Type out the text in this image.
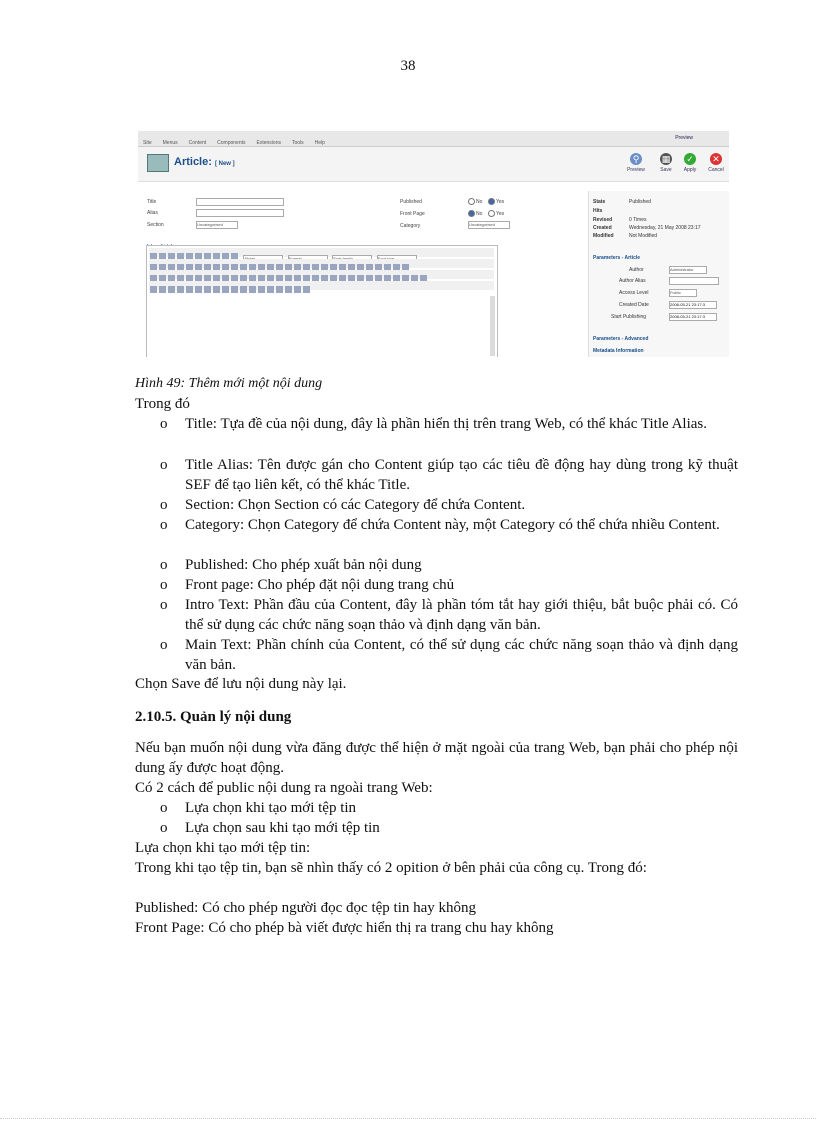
38
Site Menus Content Components Extensions Tools Help
Preview
Article: [ New ]	⚲
Preview
▦
Save
✓
Apply
✕
Cancel
Title
Alias
Section	Uncategorised
Published	No	Yes
Front Page	No	Yes
Category	Uncategorised

State	Published
Hits
Revised	0 Times
Created	Wednesday, 21 May 2008 23:17
Modified	Not Modified
Parameters - Article
Author	Administrator
Author Alias
Access Level	Public
Created Date	2008-05-21 23:17:3
Start Publishing	2008-05-21 23:17:3
Parameters - Advanced
Metadata Information
Hình 49: Thêm mới một nội dung
Trong đó
o Title: Tựa đề của nội dung, đây là phần hiển thị trên trang Web, có thể khác Title Alias.
o Title Alias: Tên được gán cho Content giúp tạo các tiêu đề động hay dùng trong kỹ thuật SEF để tạo liên kết, có thể khác Title.
o Section: Chọn Section có các Category để chứa Content.
o Category: Chọn Category để chứa Content này, một Category có thể chứa nhiều Content.
o Published: Cho phép xuất bản nội dung
o Front page: Cho phép đặt nội dung trang chủ
o Intro Text: Phần đầu của Content, đây là phần tóm tắt hay giới thiệu, bắt buộc phải có. Có thể sử dụng các chức năng soạn thảo và định dạng văn bản.
o Main Text: Phần chính của Content, có thể sử dụng các chức năng soạn thảo và định dạng văn bản.
Chọn Save để lưu nội dung này lại.
2.10.5. Quản lý nội dung
Nếu bạn muốn nội dung vừa đăng được thể hiện ở mặt ngoài của trang Web, bạn phải cho phép nội dung ấy được hoạt động.
Có 2 cách để public nội dung ra ngoài trang Web:
o Lựa chọn khi tạo mới tệp tin
o Lựa chọn sau khi tạo mới tệp tin
Lựa chọn khi tạo mới tệp tin:
Trong khi tạo tệp tin, bạn sẽ nhìn thấy có 2 opition ở bên phải của công cụ. Trong đó:
Published: Có cho phép người đọc đọc tệp tin hay không
Front Page: Có cho phép bà viết được hiển thị ra trang chu hay không
